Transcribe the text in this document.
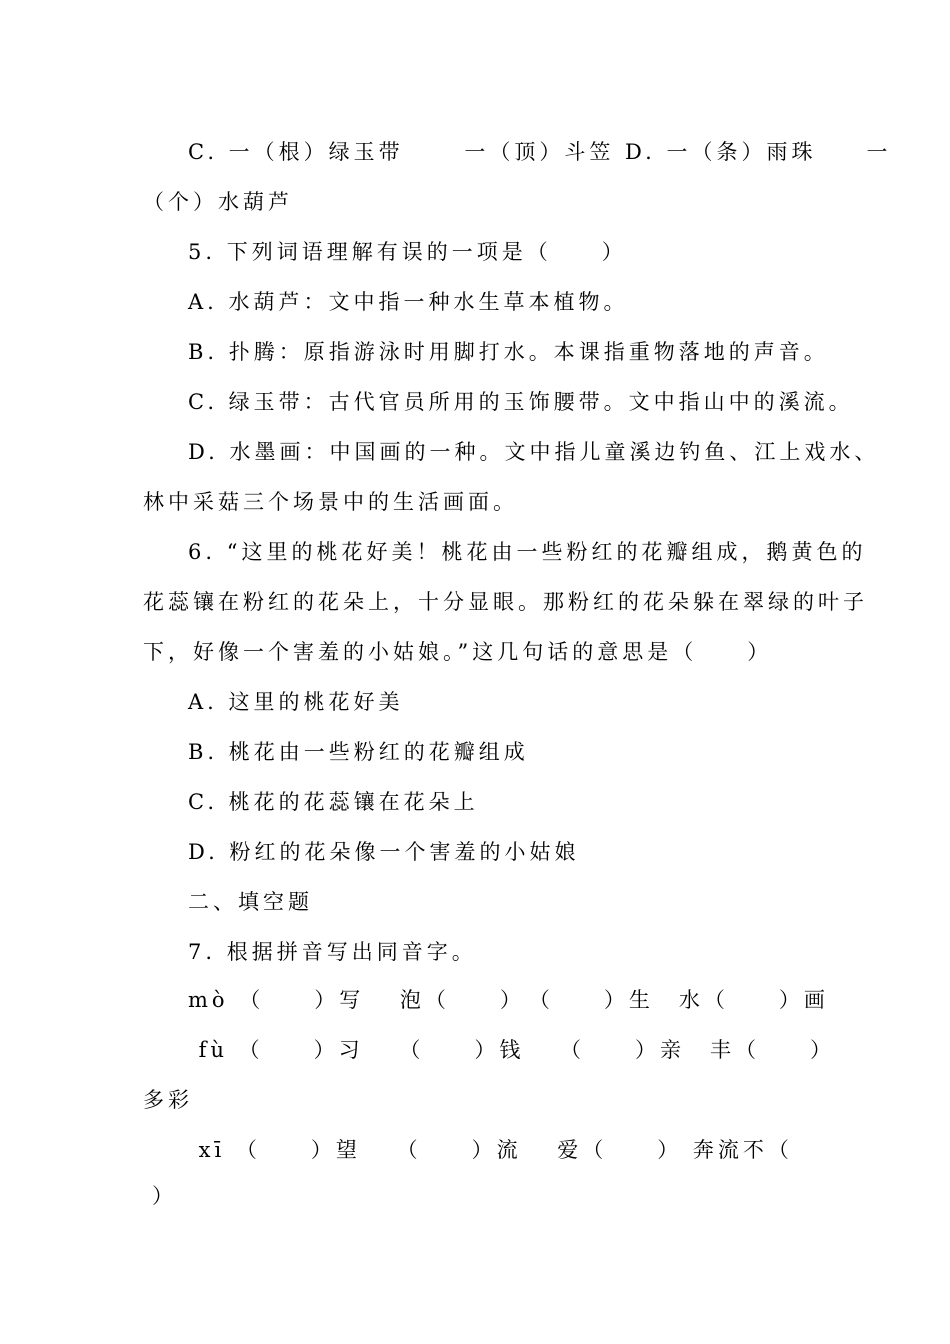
C. 一（根）绿玉带　　 一（顶）斗笠 D. 一（条）雨珠　　一
（个）水葫芦
5. 下列词语理解有误的一项是（　　）
A. 水葫芦：文中指一种水生草本植物。
B. 扑腾：原指游泳时用脚打水。本课指重物落地的声音。
C. 绿玉带：古代官员所用的玉饰腰带。文中指山中的溪流。
D. 水墨画：中国画的一种。文中指儿童溪边钓鱼、江上戏水、
林中采菇三个场景中的生活画面。
6. “这里的桃花好美！桃花由一些粉红的花瓣组成，鹅黄色的
花蕊镶在粉红的花朵上，十分显眼。那粉红的花朵躲在翠绿的叶子
下，好像一个害羞的小姑娘。”这几句话的意思是（　　）
A. 这里的桃花好美
B. 桃花由一些粉红的花瓣组成
C. 桃花的花蕊镶在花朵上
D. 粉红的花朵像一个害羞的小姑娘
二、填空题
7. 根据拼音写出同音字。
mò （　　）写　 泡（　　）　（　　）生　水（　　）画
fù （　　）习　 （　　）钱　 （　　）亲　丰（　　）
多彩
xī （　　）望　 （　　）流　 爱（　　） 奔流不（
）
